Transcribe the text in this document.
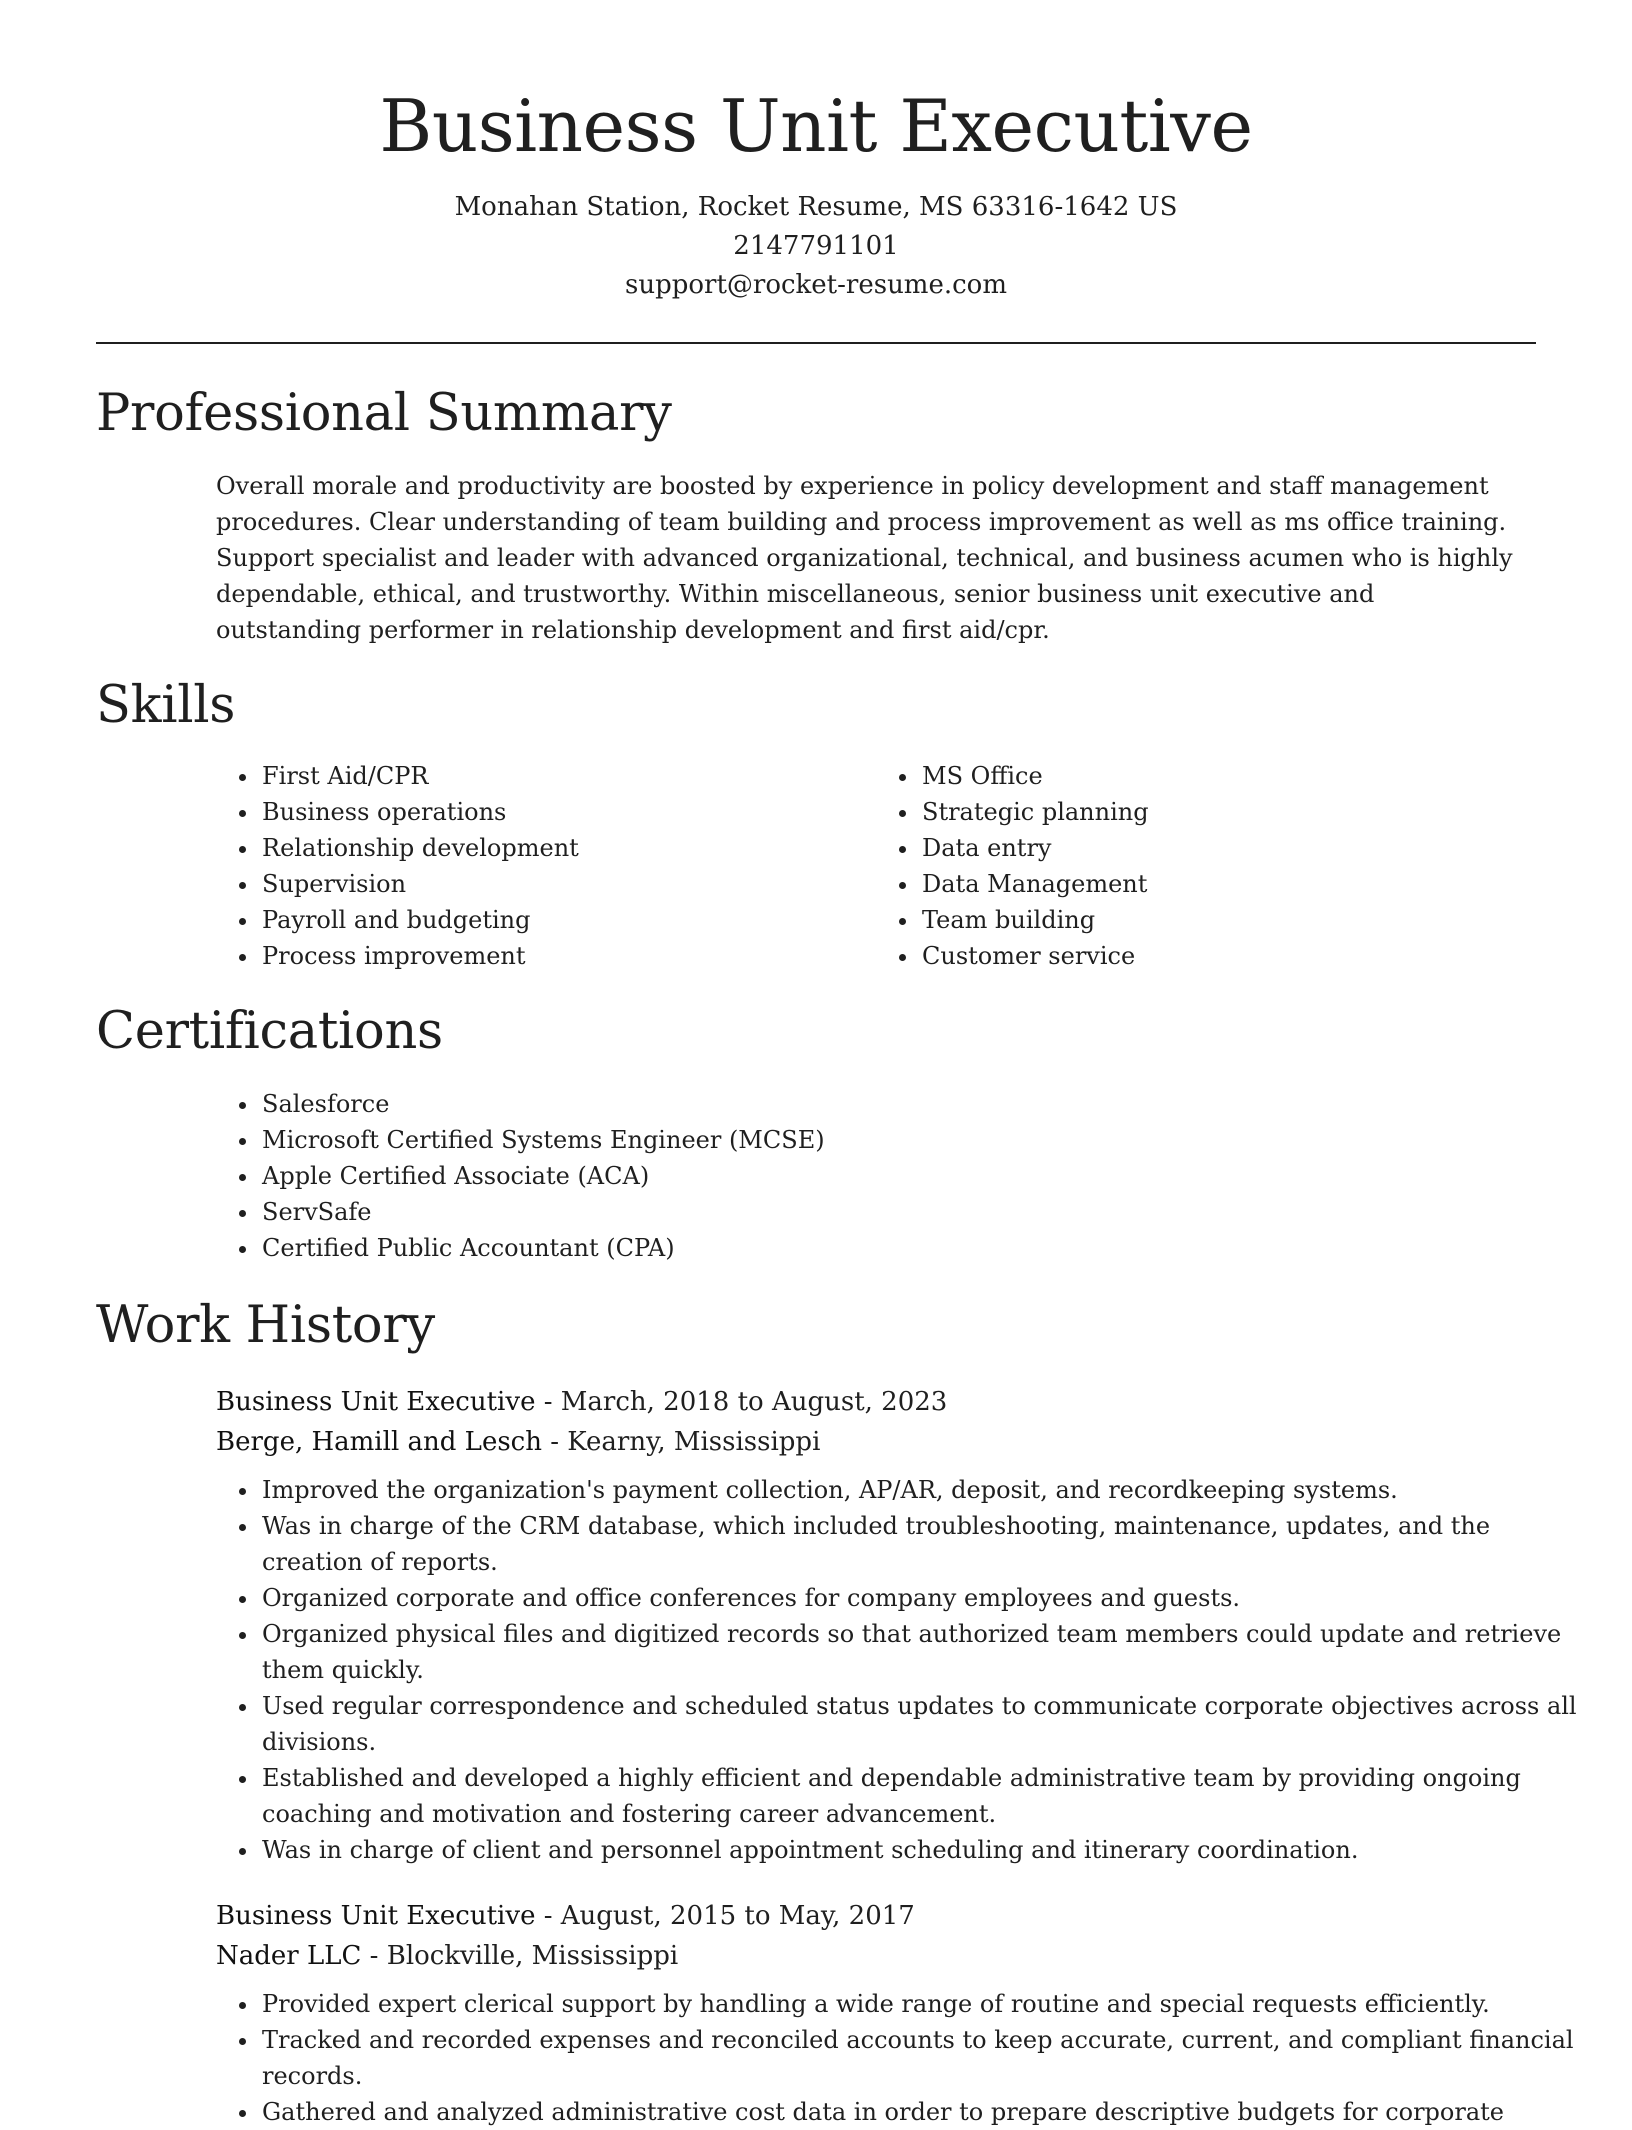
Business Unit Executive
Monahan Station, Rocket Resume, MS 63316-1642 US
2147791101
support@rocket-resume.com
Professional Summary

Overall morale and productivity are boosted by experience in policy development and staff management procedures. Clear understanding of team building and process improvement as well as ms office training. Support specialist and leader with advanced organizational, technical, and business acumen who is highly dependable, ethical, and trustworthy. Within miscellaneous, senior business unit executive and outstanding performer in relationship development and first aid/cpr.

Skills
• First Aid/CPR
• Business operations
• Relationship development
• Supervision
• Payroll and budgeting
• Process improvement
• MS Office
• Strategic planning
• Data entry
• Data Management
• Team building
• Customer service
Certifications
• Salesforce
• Microsoft Certified Systems Engineer (MCSE)
• Apple Certified Associate (ACA)
• ServSafe
• Certified Public Accountant (CPA)
Work History
Business Unit Executive - March, 2018 to August, 2023
Berge, Hamill and Lesch - Kearny, Mississippi
• Improved the organization's payment collection, AP/AR, deposit, and recordkeeping systems.
• Was in charge of the CRM database, which included troubleshooting, maintenance, updates, and the creation of reports.
• Organized corporate and office conferences for company employees and guests.
• Organized physical files and digitized records so that authorized team members could update and retrieve them quickly.
• Used regular correspondence and scheduled status updates to communicate corporate objectives across all divisions.
• Established and developed a highly efficient and dependable administrative team by providing ongoing coaching and motivation and fostering career advancement.
• Was in charge of client and personnel appointment scheduling and itinerary coordination.
Business Unit Executive - August, 2015 to May, 2017
Nader LLC - Blockville, Mississippi
• Provided expert clerical support by handling a wide range of routine and special requests efficiently.
• Tracked and recorded expenses and reconciled accounts to keep accurate, current, and compliant financial records.
• Gathered and analyzed administrative cost data in order to prepare descriptive budgets for corporate
